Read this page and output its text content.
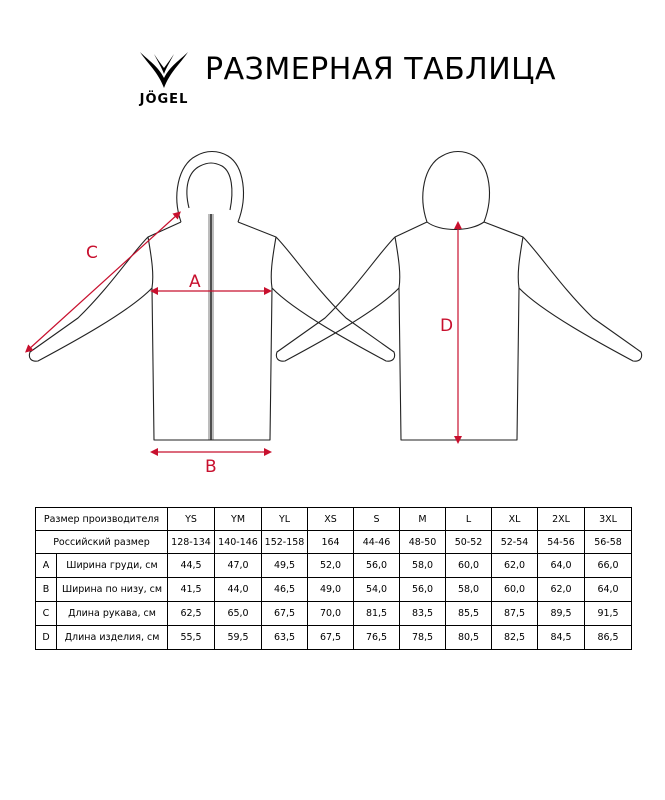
JÖGEL
РАЗМЕРНАЯ ТАБЛИЦА
A
B
C
D
Размер производителя		YS	YM	YL	XS	S	M	L	XL	2XL	3XL
Российский размер		128-134	140-146	152-158	164	44-46	48-50	50-52	52-54	54-56	56-58
A	Ширина груди, см	44,5	47,0	49,5	52,0	56,0	58,0	60,0	62,0	64,0	66,0
B	Ширина по низу, см	41,5	44,0	46,5	49,0	54,0	56,0	58,0	60,0	62,0	64,0
C	Длина рукава, см	62,5	65,0	67,5	70,0	81,5	83,5	85,5	87,5	89,5	91,5
D	Длина изделия, см	55,5	59,5	63,5	67,5	76,5	78,5	80,5	82,5	84,5	86,5
